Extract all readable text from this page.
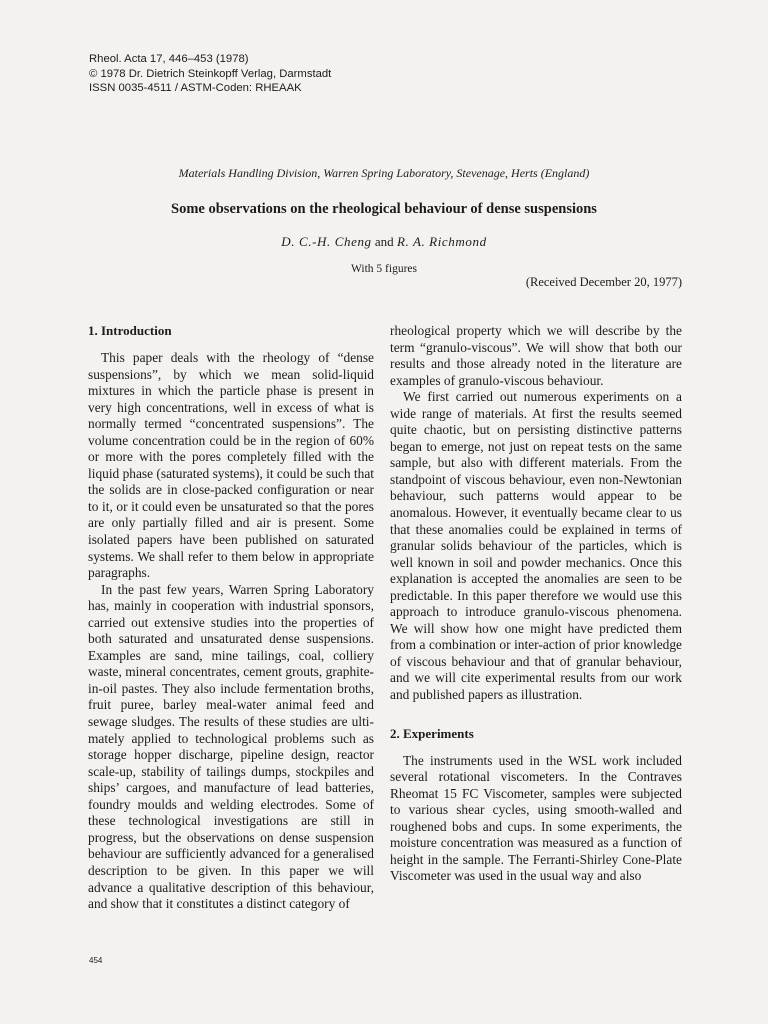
Rheol. Acta 17, 446–453 (1978)
© 1978 Dr. Dietrich Steinkopff Verlag, Darmstadt
ISSN 0035-4511 / ASTM-Coden: RHEAAK
Materials Handling Division, Warren Spring Laboratory, Stevenage, Herts (England)
Some observations on the rheological behaviour of dense suspensions
D. C.-H. Cheng and R. A. Richmond
With 5 figures
(Received December 20, 1977)
1. Introduction

This paper deals with the rheology of “dense suspensions”, by which we mean solid-liquid mixtures in which the particle phase is present in very high concentrations, well in excess of what is normally termed “concentrated suspensions”. The volume concentration could be in the region of 60% or more with the pores completely filled with the liquid phase (saturated systems), it could be such that the solids are in close-packed configuration or near to it, or it could even be unsaturated so that the pores are only partially filled and air is present. Some isolated papers have been published on saturated systems. We shall refer to them below in appropriate paragraphs.

In the past few years, Warren Spring Laboratory has, mainly in cooperation with industrial sponsors, carried out extensive studies into the properties of both saturated and unsaturated dense suspensions. Examples are sand, mine tailings, coal, colliery waste, mineral concentrates, cement grouts, graphite-in-oil pastes. They also include fermentation broths, fruit puree, barley meal-water animal feed and sewage sludges. The results of these studies are ultimately applied to technological problems such as storage hopper discharge, pipeline design, reactor scale-up, stability of tailings dumps, stockpiles and ships’ cargoes, and manufacture of lead batteries, foundry moulds and welding electrodes. Some of these technological investigations are still in progress, but the observations on dense suspension behaviour are sufficiently advanced for a generalised description to be given. In this paper we will advance a qualitative description of this behaviour, and show that it constitutes a distinct category of

rheological property which we will describe by the term “granulo-viscous”. We will show that both our results and those already noted in the literature are examples of granulo-viscous behaviour.

We first carried out numerous experiments on a wide range of materials. At first the results seemed quite chaotic, but on persisting distinctive patterns began to emerge, not just on repeat tests on the same sample, but also with different materials. From the standpoint of viscous behaviour, even non-Newtonian behaviour, such patterns would appear to be anomalous. However, it eventually became clear to us that these anomalies could be explained in terms of granular solids behaviour of the particles, which is well known in soil and powder mechanics. Once this explanation is accepted the anomalies are seen to be predictable. In this paper therefore we would use this approach to introduce granulo-viscous phenomena. We will show how one might have predicted them from a combination or inter-action of prior knowledge of viscous behaviour and that of granular behaviour, and we will cite experimental results from our work and published papers as illustration.

2. Experiments

The instruments used in the WSL work included several rotational viscometers. In the Contraves Rheomat 15 FC Viscometer, samples were subjected to various shear cycles, using smooth-walled and roughened bobs and cups. In some experiments, the moisture concentration was measured as a function of height in the sample. The Ferranti-Shirley Cone-Plate Viscometer was used in the usual way and also

454
